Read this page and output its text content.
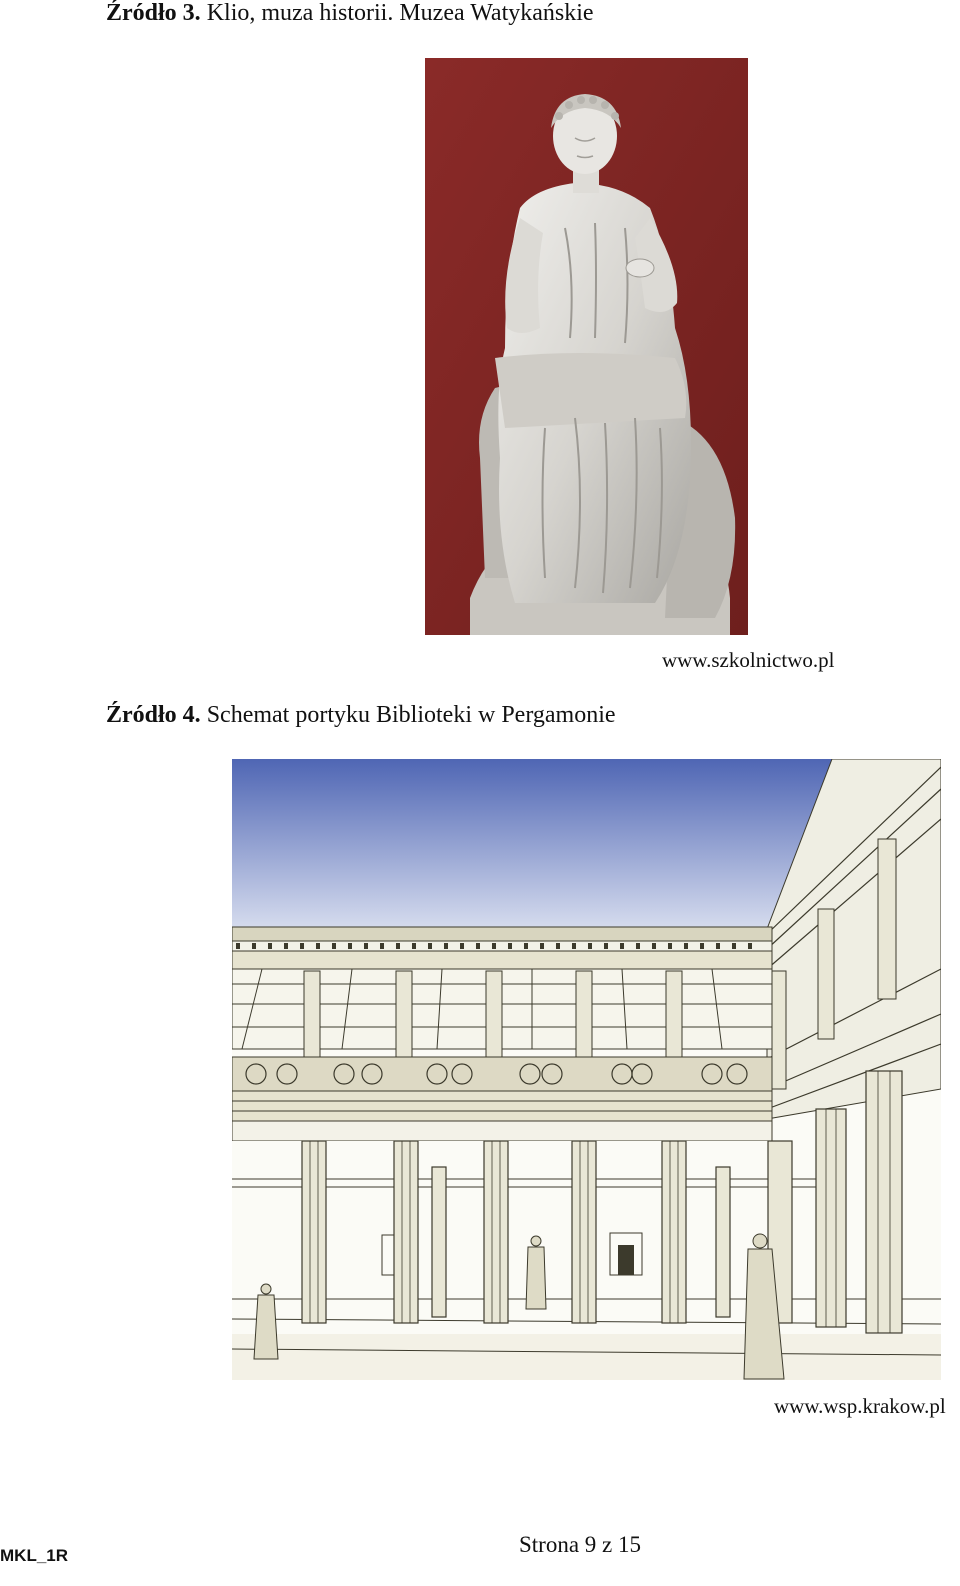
Źródło 3. Klio, muza historii. Muzea Watykańskie
www.szkolnictwo.pl
Źródło 4. Schemat portyku Biblioteki w Pergamonie
www.wsp.krakow.pl
MKL_1R	Strona 9 z 15
